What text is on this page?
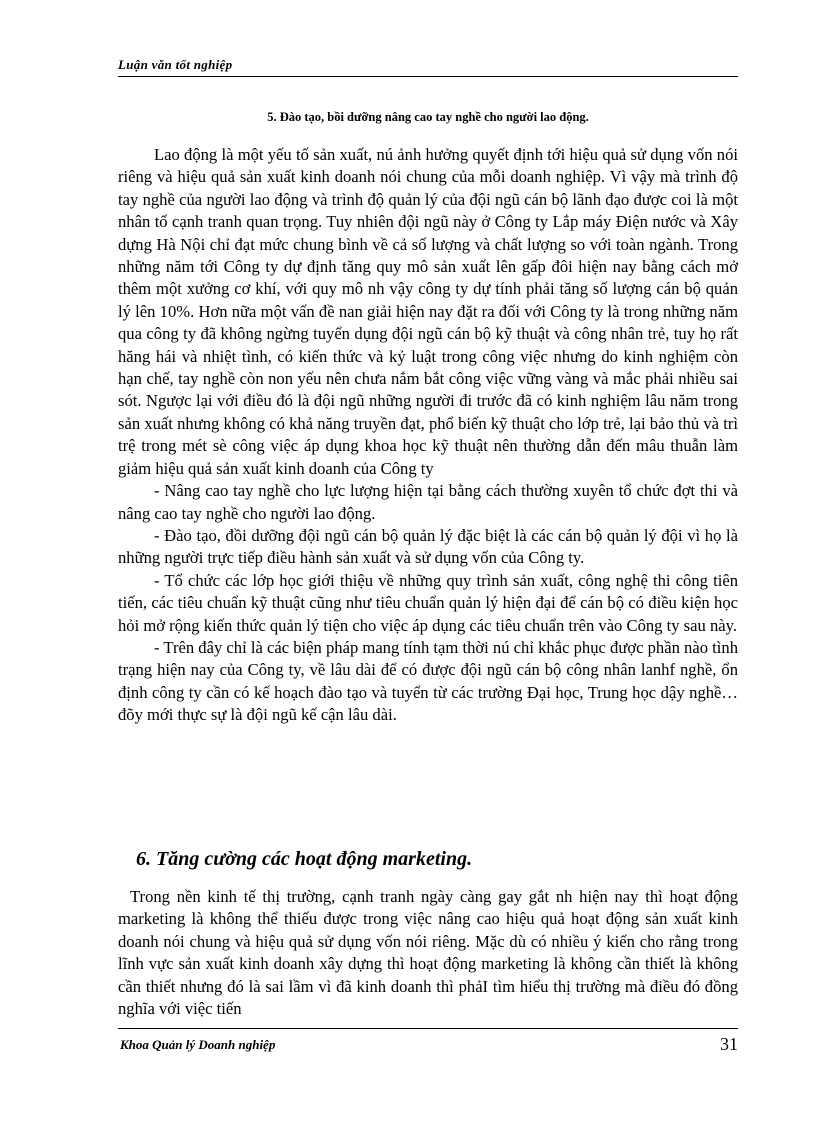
Luận văn tốt nghiệp
5. Đào tạo, bồi dưỡng nâng cao tay nghề cho người lao động.

Lao động là một yếu tố sản xuất, nú ảnh hưởng quyết định tới hiệu quả sử dụng vốn nói riêng và hiệu quả sản xuất kinh doanh nói chung của mỗi doanh nghiệp. Vì vậy mà trình độ tay nghề của người lao động và trình độ quản lý của đội ngũ cán bộ lãnh đạo được coi là một nhân tố cạnh tranh quan trọng. Tuy nhiên đội ngũ này ở Công ty Lắp máy Điện nước và Xây dựng Hà Nội chỉ đạt mức chung bình về cả số lượng và chất lượng so với toàn ngành. Trong những năm tới Công ty dự định tăng quy mô sản xuất lên gấp đôi hiện nay bằng cách mở thêm một xưởng cơ khí, với quy mô nh vậy công ty dự tính phải tăng số lượng cán bộ quản lý lên 10%. Hơn nữa một vấn đề nan giải hiện nay đặt ra đối với Công ty là trong những năm qua công ty đã không ngừng tuyển dụng đội ngũ cán bộ kỹ thuật và công nhân trẻ, tuy họ rất hăng hái và nhiệt tình, có kiến thức và kỷ luật trong công việc nhưng do kinh nghiệm còn hạn chế, tay nghề còn non yếu nên chưa nắm bắt công việc vững vàng và mắc phải nhiều sai sót. Ngược lại với điều đó là đội ngũ những người đi trước đã có kinh nghiệm lâu năm trong sản xuất nhưng không có khả năng truyền đạt, phổ biến kỹ thuật cho lớp trẻ, lại bảo thủ và trì trệ trong mét sè công việc áp dụng khoa học kỹ thuật nên thường dẫn đến mâu thuẫn làm giảm hiệu quả sản xuất kinh doanh của Công ty

- Nâng cao tay nghề cho lực lượng hiện tại bằng cách thường xuyên tổ chức đợt thi và nâng cao tay nghề cho người lao động.

- Đào tạo, đồi dưỡng đội ngũ cán bộ quản lý đặc biệt là các cán bộ quản lý đội vì họ là những người trực tiếp điều hành sản xuất và sử dụng vốn của Công ty.

- Tổ chức các lớp học giới thiệu về những quy trình sản xuất, công nghệ thi công tiên tiến, các tiêu chuẩn kỹ thuật cũng như tiêu chuẩn quản lý hiện đại để cán bộ có điều kiện học hỏi mở rộng kiến thức quản lý tiện cho việc áp dụng các tiêu chuẩn trên vào Công ty sau này.

- Trên đây chỉ là các biện pháp mang tính tạm thời nú chỉ khắc phục được phần nào tình trạng hiện nay của Công ty, về lâu dài để có được đội ngũ cán bộ công nhân lanhf nghề, ổn định công ty cần có kế hoạch đào tạo và tuyển từ các trường Đại học, Trung học dậy nghề… đõy mới thực sự là đội ngũ kế cận lâu dài.

6. Tăng cường các hoạt động marketing.

Trong nền kinh tế thị trường, cạnh tranh ngày càng gay gắt nh hiện nay thì hoạt động marketing là không thể thiếu được trong việc nâng cao hiệu quả hoạt động sản xuất kinh doanh nói chung và hiệu quả sử dụng vốn nói riêng. Mặc dù có nhiều ý kiến cho rằng trong lĩnh vực sản xuất kinh doanh xây dựng thì hoạt động marketing là không cần thiết là không cần thiết nhưng đó là sai lầm vì đã kinh doanh thì phảI tìm hiểu thị trường mà điều đó đồng nghĩa với việc tiến

Khoa Quản lý Doanh nghiệp	31
